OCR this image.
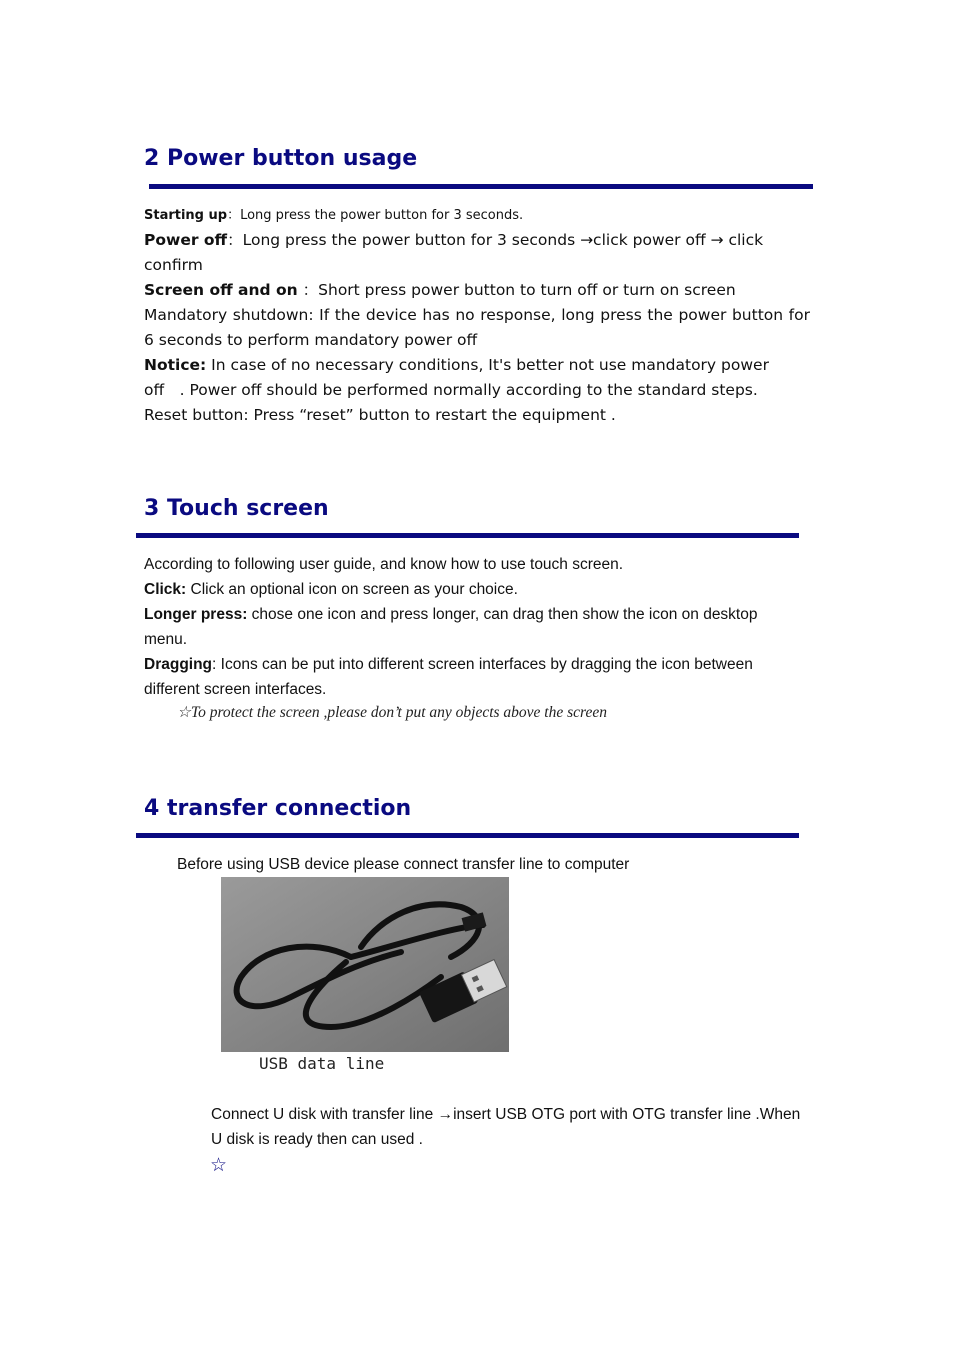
2 Power button usage

Starting up：Long press the power button for 3 seconds.

Power off：Long press the power button for 3 seconds →click power off → click confirm

Screen off and on ：Short press power button to turn off or turn on screen

Mandatory shutdown: If the device has no response, long press the power button for 6 seconds to perform mandatory power off

Notice: In case of no necessary conditions, It's better not use mandatory power off　. Power off should be performed normally according to the standard steps.

Reset button: Press “reset” button to restart the equipment .

3 Touch screen

According to following user guide, and know how to use touch screen.

Click: Click an optional icon on screen as your choice.

Longer press: chose one icon and press longer, can drag then show the icon on desktop menu.

Dragging: Icons can be put into different screen interfaces by dragging the icon between different screen interfaces.

☆To protect the screen ,please don’t put any objects above the screen

4 transfer connection

Before using USB device please connect transfer line to computer

USB data line

Connect U disk with transfer line →insert USB OTG port with OTG transfer line .When U disk is ready then can used .

☆
